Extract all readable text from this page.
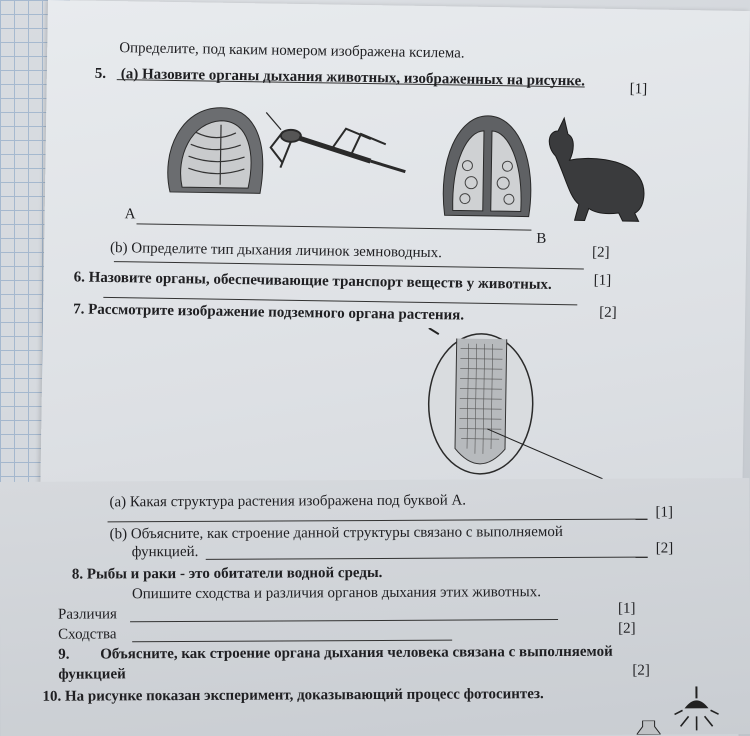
Определите, под каким номером изображена ксилема.
5. (а) Назовите органы дыхания животных, изображенных на рисунке.	[1]
A
B
(b) Определите тип дыхания личинок земноводных.	[2]
[1]
6. Назовите органы, обеспечивающие транспорт веществ у животных.
[2]
7. Рассмотрите изображение подземного органа растения.
(a) Какая структура растения изображена под буквой А.
[1]
(b) Объясните, как строение данной структуры связано с выполняемой
функцией.	[2]
8. Рыбы и раки - это обитатели водной среды.
Опишите сходства и различия органов дыхания этих животных.
Различия	[1]
Сходства	[2]
9. Объясните, как строение органа дыхания человека связана с выполняемой
функцией	[2]
10. На рисунке показан эксперимент, доказывающий процесс фотосинтез.
